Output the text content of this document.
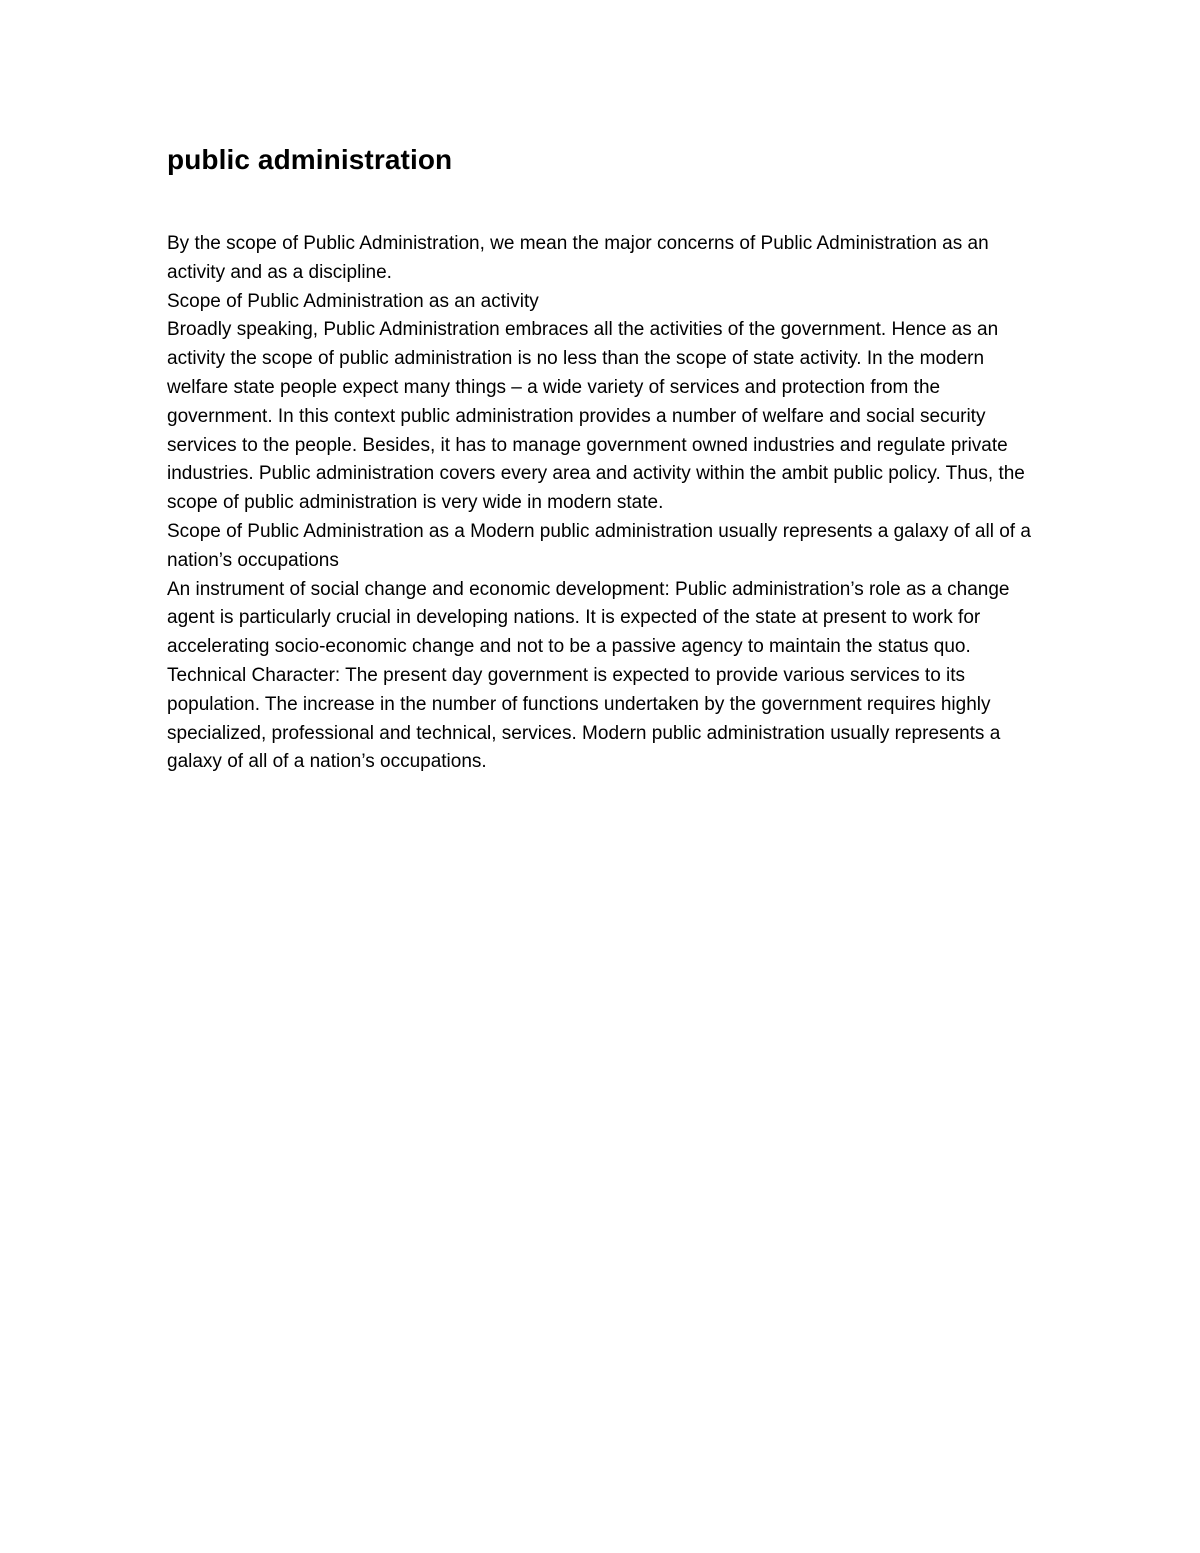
public administration

By the scope of Public Administration, we mean the major concerns of Public Administration as an activity and as a discipline.

Scope of Public Administration as an activity

Broadly speaking, Public Administration embraces all the activities of the government. Hence as an activity the scope of public administration is no less than the scope of state activity. In the modern welfare state people expect many things – a wide variety of services and protection from the government. In this context public administration provides a number of welfare and social security services to the people. Besides, it has to manage government owned industries and regulate private industries. Public administration covers every area and activity within the ambit public policy. Thus, the scope of public administration is very wide in modern state.

Scope of Public Administration as a Modern public administration usually represents a galaxy of all of a nation’s occupations

An instrument of social change and economic development: Public administration’s role as a change agent is particularly crucial in developing nations. It is expected of the state at present to work for accelerating socio-economic change and not to be a passive agency to maintain the status quo.

Technical Character: The present day government is expected to provide various services to its population. The increase in the number of functions undertaken by the government requires highly specialized, professional and technical, services. Modern public administration usually represents a galaxy of all of a nation’s occupations.
